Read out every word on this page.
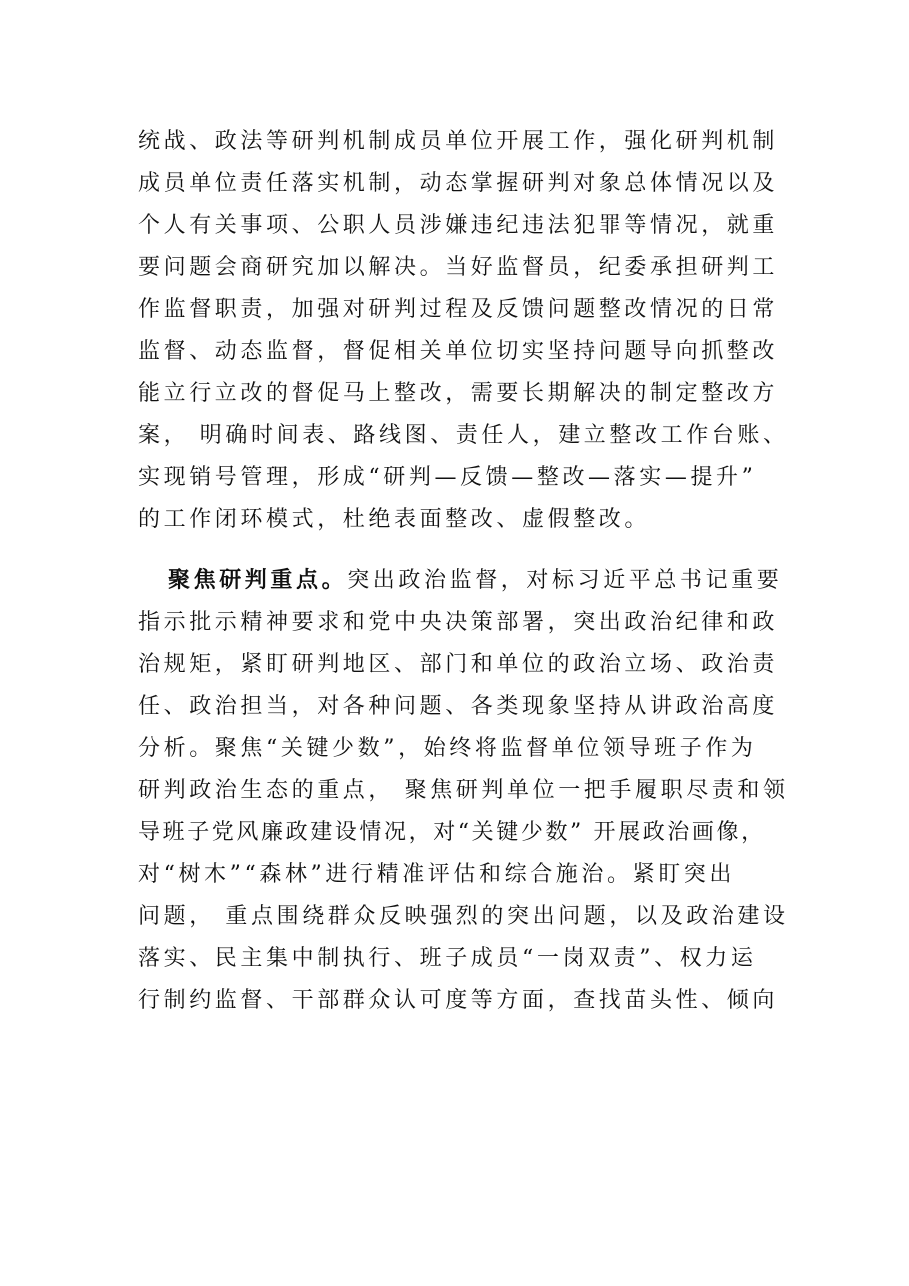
统战、政法等研判机制成员单位开展工作，强化研判机制
成员单位责任落实机制，动态掌握研判对象总体情况以及
个人有关事项、公职人员涉嫌违纪违法犯罪等情况，就重
要问题会商研究加以解决。当好监督员，纪委承担研判工
作监督职责，加强对研判过程及反馈问题整改情况的日常
监督、动态监督，督促相关单位切实坚持问题导向抓整改
能立行立改的督促马上整改，需要长期解决的制定整改方
案， 明确时间表、路线图、责任人，建立整改工作台账、
实现销号管理，形成“研判—反馈—整改—落实—提升”
的工作闭环模式，杜绝表面整改、虚假整改。
聚焦研判重点。突出政治监督，对标习近平总书记重要
指示批示精神要求和党中央决策部署，突出政治纪律和政
治规矩，紧盯研判地区、部门和单位的政治立场、政治责
任、政治担当，对各种问题、各类现象坚持从讲政治高度
分析。聚焦“关键少数”，始终将监督单位领导班子作为
研判政治生态的重点， 聚焦研判单位一把手履职尽责和领
导班子党风廉政建设情况，对“关键少数” 开展政治画像，
对“树木”“森林”进行精准评估和综合施治。紧盯突出
问题， 重点围绕群众反映强烈的突出问题，以及政治建设
落实、民主集中制执行、班子成员“一岗双责”、权力运
行制约监督、干部群众认可度等方面，查找苗头性、倾向
